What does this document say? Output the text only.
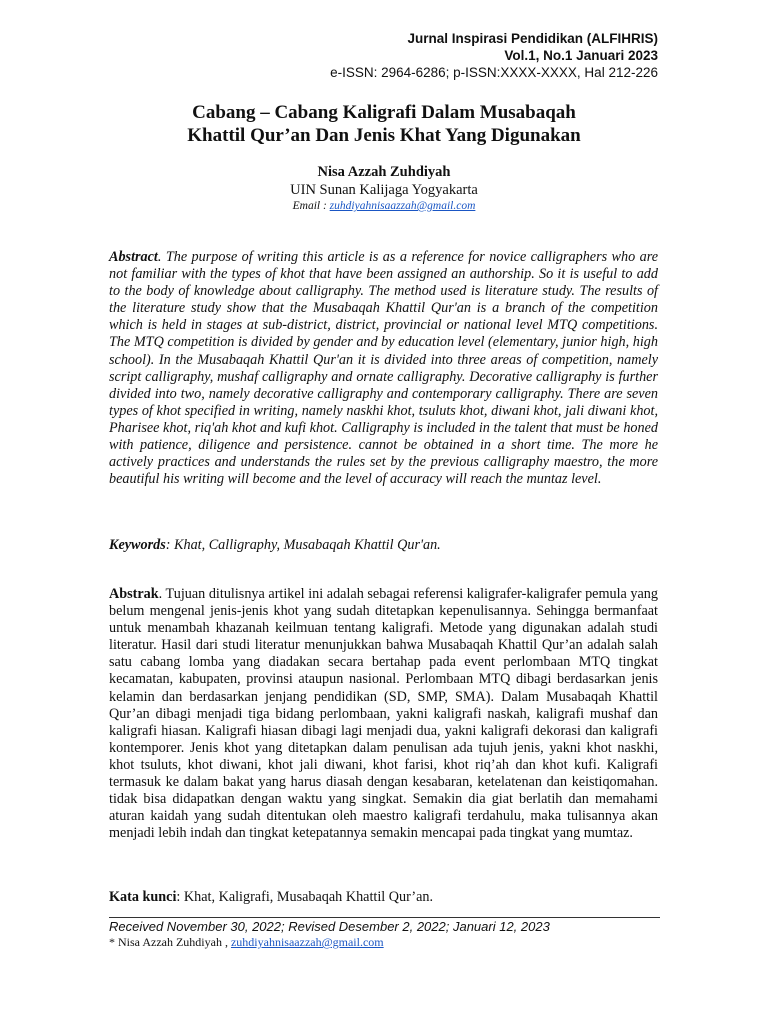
Jurnal Inspirasi Pendidikan (ALFIHRIS)
Vol.1, No.1 Januari 2023
e-ISSN: 2964-6286; p-ISSN:XXXX-XXXX, Hal 212-226
Cabang – Cabang Kaligrafi Dalam Musabaqah
Khattil Qur’an Dan Jenis Khat Yang Digunakan
Nisa Azzah Zuhdiyah
UIN Sunan Kalijaga Yogyakarta
Email : zuhdiyahnisaazzah@gmail.com
Abstract. The purpose of writing this article is as a reference for novice calligraphers who are not familiar with the types of khot that have been assigned an authorship. So it is useful to add to the body of knowledge about calligraphy. The method used is literature study. The results of the literature study show that the Musabaqah Khattil Qur'an is a branch of the competition which is held in stages at sub-district, district, provincial or national level MTQ competitions. The MTQ competition is divided by gender and by education level (elementary, junior high, high school). In the Musabaqah Khattil Qur'an it is divided into three areas of competition, namely script calligraphy, mushaf calligraphy and ornate calligraphy. Decorative calligraphy is further divided into two, namely decorative calligraphy and contemporary calligraphy. There are seven types of khot specified in writing, namely naskhi khot, tsuluts khot, diwani khot, jali diwani khot, Pharisee khot, riq'ah khot and kufi khot. Calligraphy is included in the talent that must be honed with patience, diligence and persistence. cannot be obtained in a short time. The more he actively practices and understands the rules set by the previous calligraphy maestro, the more beautiful his writing will become and the level of accuracy will reach the muntaz level.
Keywords: Khat, Calligraphy, Musabaqah Khattil Qur'an.
Abstrak. Tujuan ditulisnya artikel ini adalah sebagai referensi kaligrafer-kaligrafer pemula yang belum mengenal jenis-jenis khot yang sudah ditetapkan kepenulisannya. Sehingga bermanfaat untuk menambah khazanah keilmuan tentang kaligrafi. Metode yang digunakan adalah studi literatur. Hasil dari studi literatur menunjukkan bahwa Musabaqah Khattil Qur’an adalah salah satu cabang lomba yang diadakan secara bertahap pada event perlombaan MTQ tingkat kecamatan, kabupaten, provinsi ataupun nasional. Perlombaan MTQ dibagi berdasarkan jenis kelamin dan berdasarkan jenjang pendidikan (SD, SMP, SMA). Dalam Musabaqah Khattil Qur’an dibagi menjadi tiga bidang perlombaan, yakni kaligrafi naskah, kaligrafi mushaf dan kaligrafi hiasan. Kaligrafi hiasan dibagi lagi menjadi dua, yakni kaligrafi dekorasi dan kaligrafi kontemporer. Jenis khot yang ditetapkan dalam penulisan ada tujuh jenis, yakni khot naskhi, khot tsuluts, khot diwani, khot jali diwani, khot farisi, khot riq’ah dan khot kufi. Kaligrafi termasuk ke dalam bakat yang harus diasah dengan kesabaran, ketelatenan dan keistiqomahan. tidak bisa didapatkan dengan waktu yang singkat. Semakin dia giat berlatih dan memahami aturan kaidah yang sudah ditentukan oleh maestro kaligrafi terdahulu, maka tulisannya akan menjadi lebih indah dan tingkat ketepatannya semakin mencapai pada tingkat yang mumtaz.
Kata kunci: Khat, Kaligrafi, Musabaqah Khattil Qur’an.
Received November 30, 2022; Revised Desember 2, 2022; Januari 12, 2023
* Nisa Azzah Zuhdiyah , zuhdiyahnisaazzah@gmail.com
